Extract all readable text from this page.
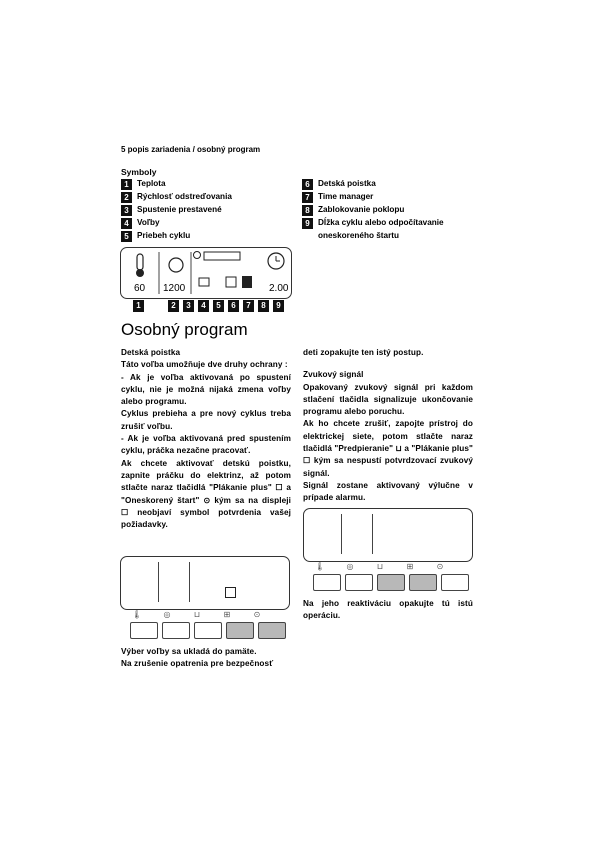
5 popis zariadenia / osobný program
Symboly
1	Teplota
2	Rýchlosť odstreďovania
3	Spustenie prestavené
4	Voľby
5	Priebeh cyklu
6	Detská poistka
7	Time manager
8	Zablokovanie poklopu
9	Dĺžka cyklu alebo odpočítavanie
oneskoreného štartu
60 1200	2.00
1	2	3	4	5	6	7	8	9
Osobný program

Detská poistka

Táto voľba umožňuje dve druhy ochrany :

- Ak je voľba aktivovaná po spustení cyklu, nie je možná nijaká zmena voľby alebo programu.

Cyklus prebieha a pre nový cyklus treba zrušiť voľbu.

- Ak je voľba aktivovaná pred spustením cyklu, práčka nezačne pracovať.

Ak chcete aktivovať detskú poistku, zapnite práčku do elektrinz, až potom stlačte naraz tlačidlá "Plákanie plus" ☐ a "Oneskorený štart" ⊙ kým sa na displeji ☐ neobjaví symbol potvrdenia vašej požiadavky.

🌡	◎	⊔	⊞	⊙

Výber voľby sa ukladá do pamäte.

Na zrušenie opatrenia pre bezpečnosť

deti zopakujte ten istý postup.

Zvukový signál

Opakovaný zvukový signál pri každom stlačení tlačidla signalizuje ukončovanie programu alebo poruchu.

Ak ho chcete zrušiť, zapojte prístroj do elektrickej siete, potom stlačte naraz tlačidlá "Predpieranie" ⊔ a "Plákanie plus" ☐ kým sa nespustí potvrdzovací zvukový signál.

Signál zostane aktivovaný výlučne v prípade alarmu.

🌡	◎	⊔	⊞	⊙

Na jeho reaktiváciu opakujte tú istú operáciu.
